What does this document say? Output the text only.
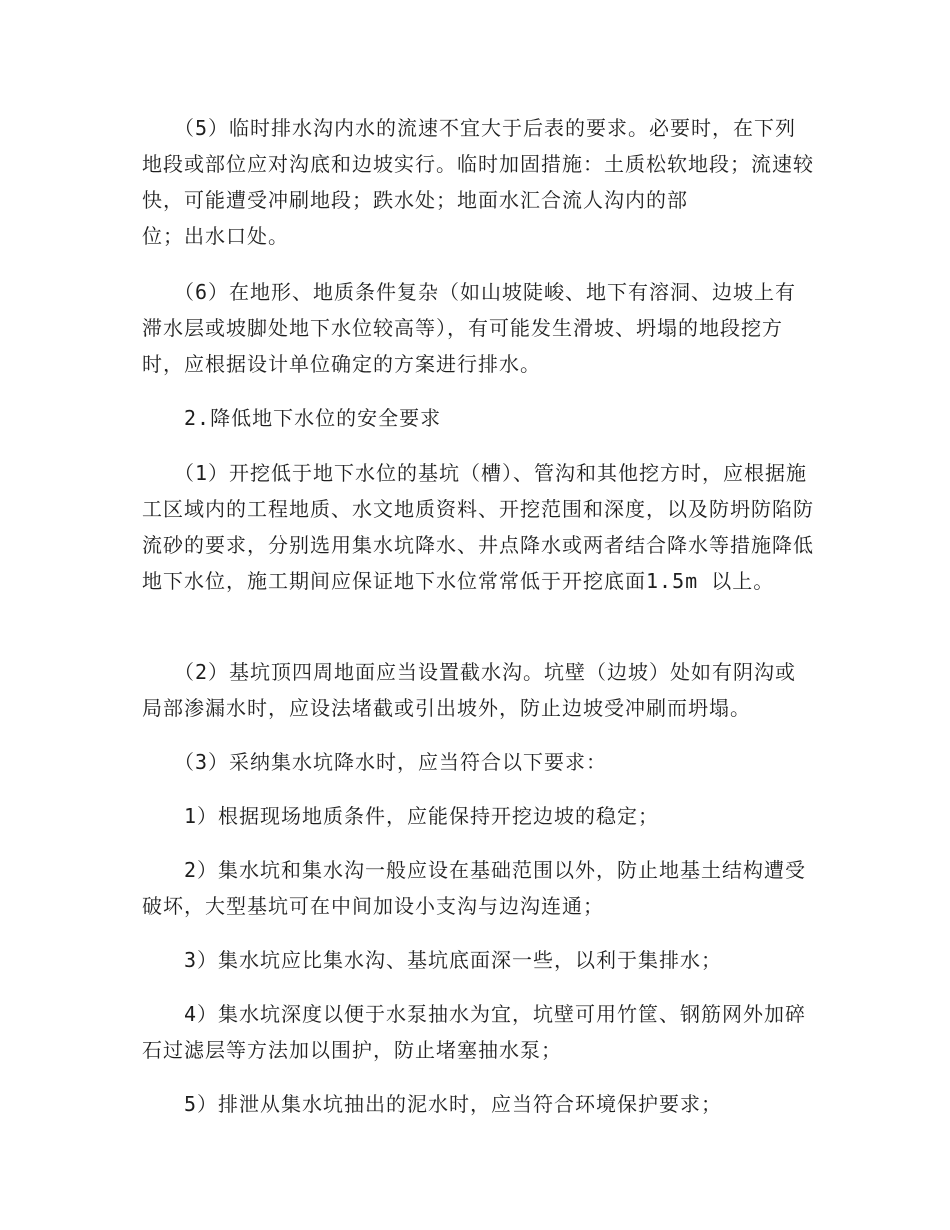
　　（5）临时排水沟内水的流速不宜大于后表的要求。必要时，在下列地段或部位应对沟底和边坡实行。临时加固措施：土质松软地段；流速较快，可能遭受冲刷地段；跌水处；地面水汇合流人沟内的部
位；出水口处。

　　（6）在地形、地质条件复杂（如山坡陡峻、地下有溶洞、边坡上有滞水层或坡脚处地下水位较高等），有可能发生滑坡、坍塌的地段挖方时，应根据设计单位确定的方案进行排水。

　　2.降低地下水位的安全要求

　　（1）开挖低于地下水位的基坑（槽）、管沟和其他挖方时，应根据施工区域内的工程地质、水文地质资料、开挖范围和深度，以及防坍防陷防流砂的要求，分别选用集水坑降水、井点降水或两者结合降水等措施降低地下水位，施工期间应保证地下水位常常低于开挖底面1.5m 以上。

　　（2）基坑顶四周地面应当设置截水沟。坑壁（边坡）处如有阴沟或局部渗漏水时，应设法堵截或引出坡外，防止边坡受冲刷而坍塌。

　　（3）采纳集水坑降水时，应当符合以下要求：

　　1）根据现场地质条件，应能保持开挖边坡的稳定；

　　2）集水坑和集水沟一般应设在基础范围以外，防止地基土结构遭受破坏，大型基坑可在中间加设小支沟与边沟连通；

　　3）集水坑应比集水沟、基坑底面深一些，以利于集排水；

　　4）集水坑深度以便于水泵抽水为宜，坑壁可用竹筐、钢筋网外加碎石过滤层等方法加以围护，防止堵塞抽水泵；

　　5）排泄从集水坑抽出的泥水时，应当符合环境保护要求；
